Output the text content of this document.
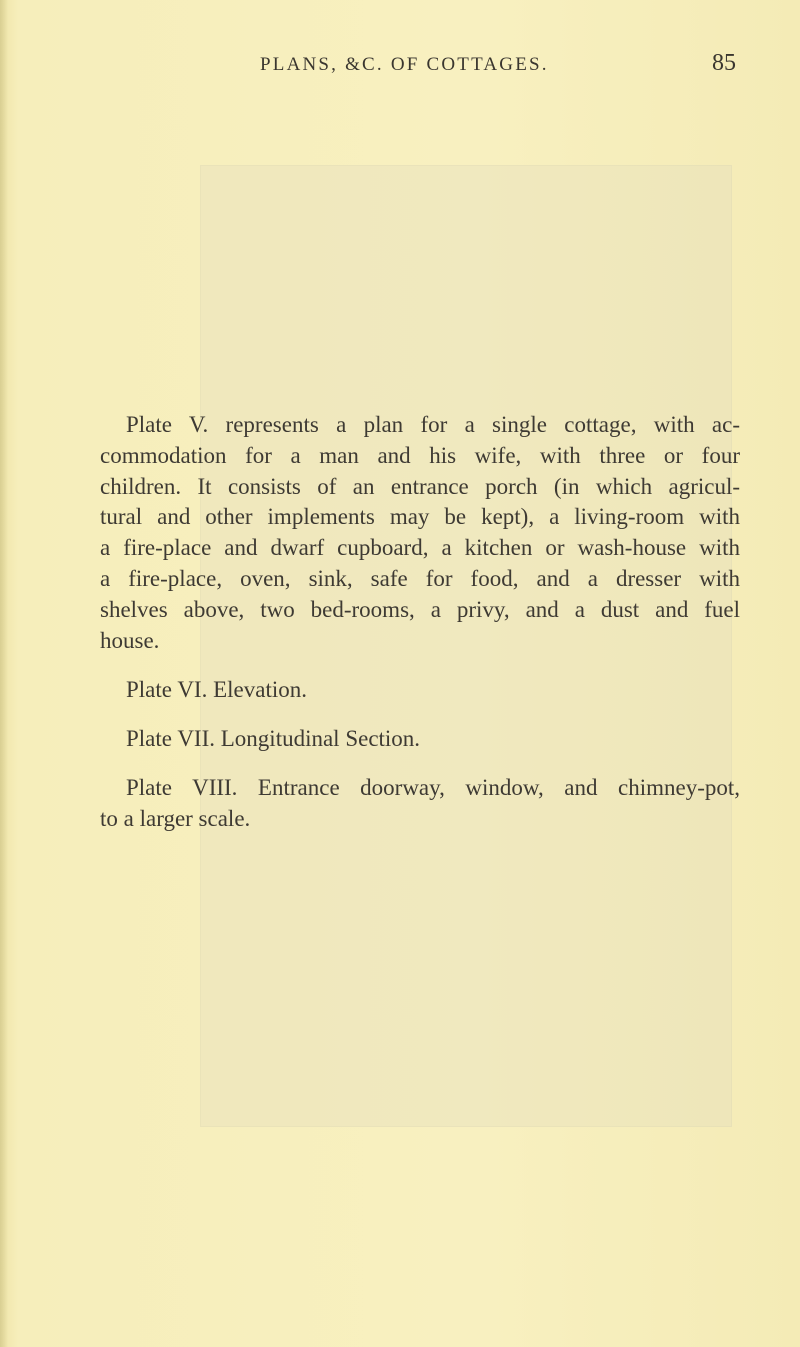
PLANS, &C. OF COTTAGES.	85

Plate V. represents a plan for a single cottage, with ac-
commodation for a man and his wife, with three or four
children. It consists of an entrance porch (in which agricul-
tural and other implements may be kept), a living-room with
a fire-place and dwarf cupboard, a kitchen or wash-house with
a fire-place, oven, sink, safe for food, and a dresser with
shelves above, two bed-rooms, a privy, and a dust and fuel
house.

Plate VI. Elevation.

Plate VII. Longitudinal Section.

Plate VIII. Entrance doorway, window, and chimney-pot,
to a larger scale.
